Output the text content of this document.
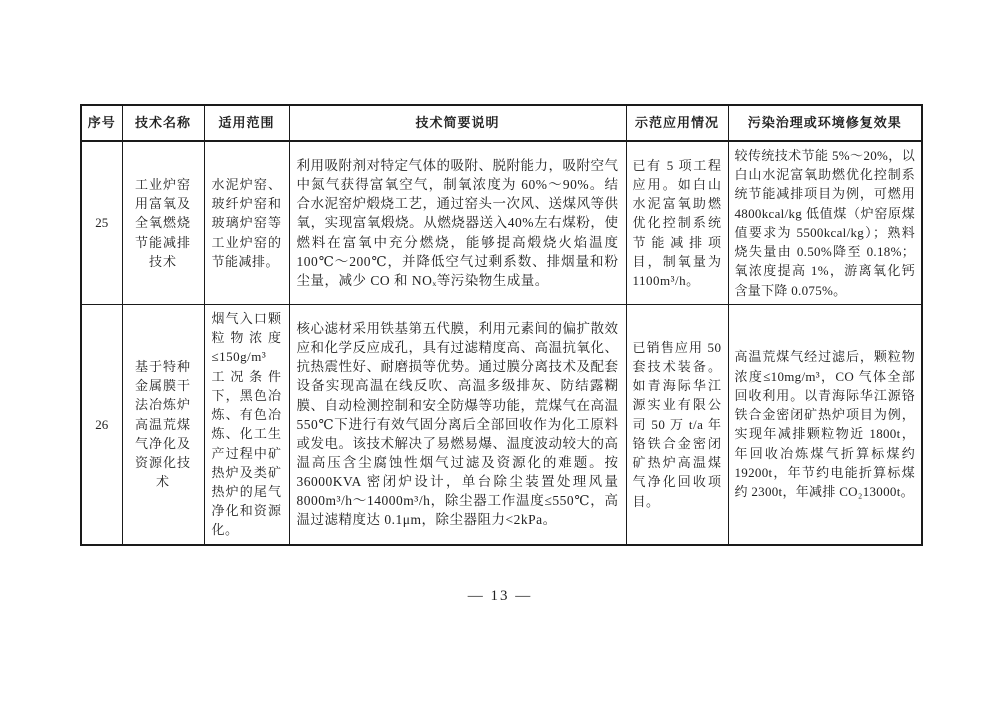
序号	技术名称	适用范围	技术简要说明	示范应用情况	污染治理或环境修复效果
25	工业炉窑用富氧及全氧燃烧节能减排技术	水泥炉窑、玻纤炉窑和玻璃炉窑等工业炉窑的节能减排。	利用吸附剂对特定气体的吸附、脱附能力，吸附空气中氮气获得富氧空气，制氧浓度为 60%～90%。结合水泥窑炉煅烧工艺，通过窑头一次风、送煤风等供氧，实现富氧煅烧。从燃烧器送入40%左右煤粉，使燃料在富氧中充分燃烧，能够提高煅烧火焰温度 100℃～200℃，并降低空气过剩系数、排烟量和粉尘量，减少 CO 和 NOₓ等污染物生成量。	已有 5 项工程应用。如白山水泥富氧助燃优化控制系统节能减排项目，制氧量为1100m³/h。	较传统技术节能 5%～20%，以白山水泥富氧助燃优化控制系统节能减排项目为例，可燃用4800kcal/kg 低值煤（炉窑原煤值要求为 5500kcal/kg）；熟料烧失量由 0.50%降至 0.18%；氧浓度提高 1%，游离氧化钙含量下降 0.075%。
26	基于特种金属膜干法冶炼炉高温荒煤气净化及资源化技术	烟气入口颗粒物浓度≤150g/m³ 工况条件下，黑色冶炼、有色冶炼、化工生产过程中矿热炉及类矿热炉的尾气净化和资源化。	核心滤材采用铁基第五代膜，利用元素间的偏扩散效应和化学反应成孔，具有过滤精度高、高温抗氧化、抗热震性好、耐磨损等优势。通过膜分离技术及配套设备实现高温在线反吹、高温多级排灰、防结露糊膜、自动检测控制和安全防爆等功能，荒煤气在高温 550℃下进行有效气固分离后全部回收作为化工原料或发电。该技术解决了易燃易爆、温度波动较大的高温高压含尘腐蚀性烟气过滤及资源化的难题。按 36000KVA 密闭炉设计，单台除尘装置处理风量 8000m³/h～14000m³/h，除尘器工作温度≤550℃，高温过滤精度达 0.1μm，除尘器阻力<2kPa。	已销售应用 50 套技术装备。如青海际华江源实业有限公司 50 万 t/a 年铬铁合金密闭矿热炉高温煤气净化回收项目。	高温荒煤气经过滤后，颗粒物浓度≤10mg/m³，CO 气体全部回收利用。以青海际华江源铬铁合金密闭矿热炉项目为例，实现年减排颗粒物近 1800t，年回收冶炼煤气折算标煤约 19200t，年节约电能折算标煤约 2300t，年减排 CO₂13000t。
— 13 —
